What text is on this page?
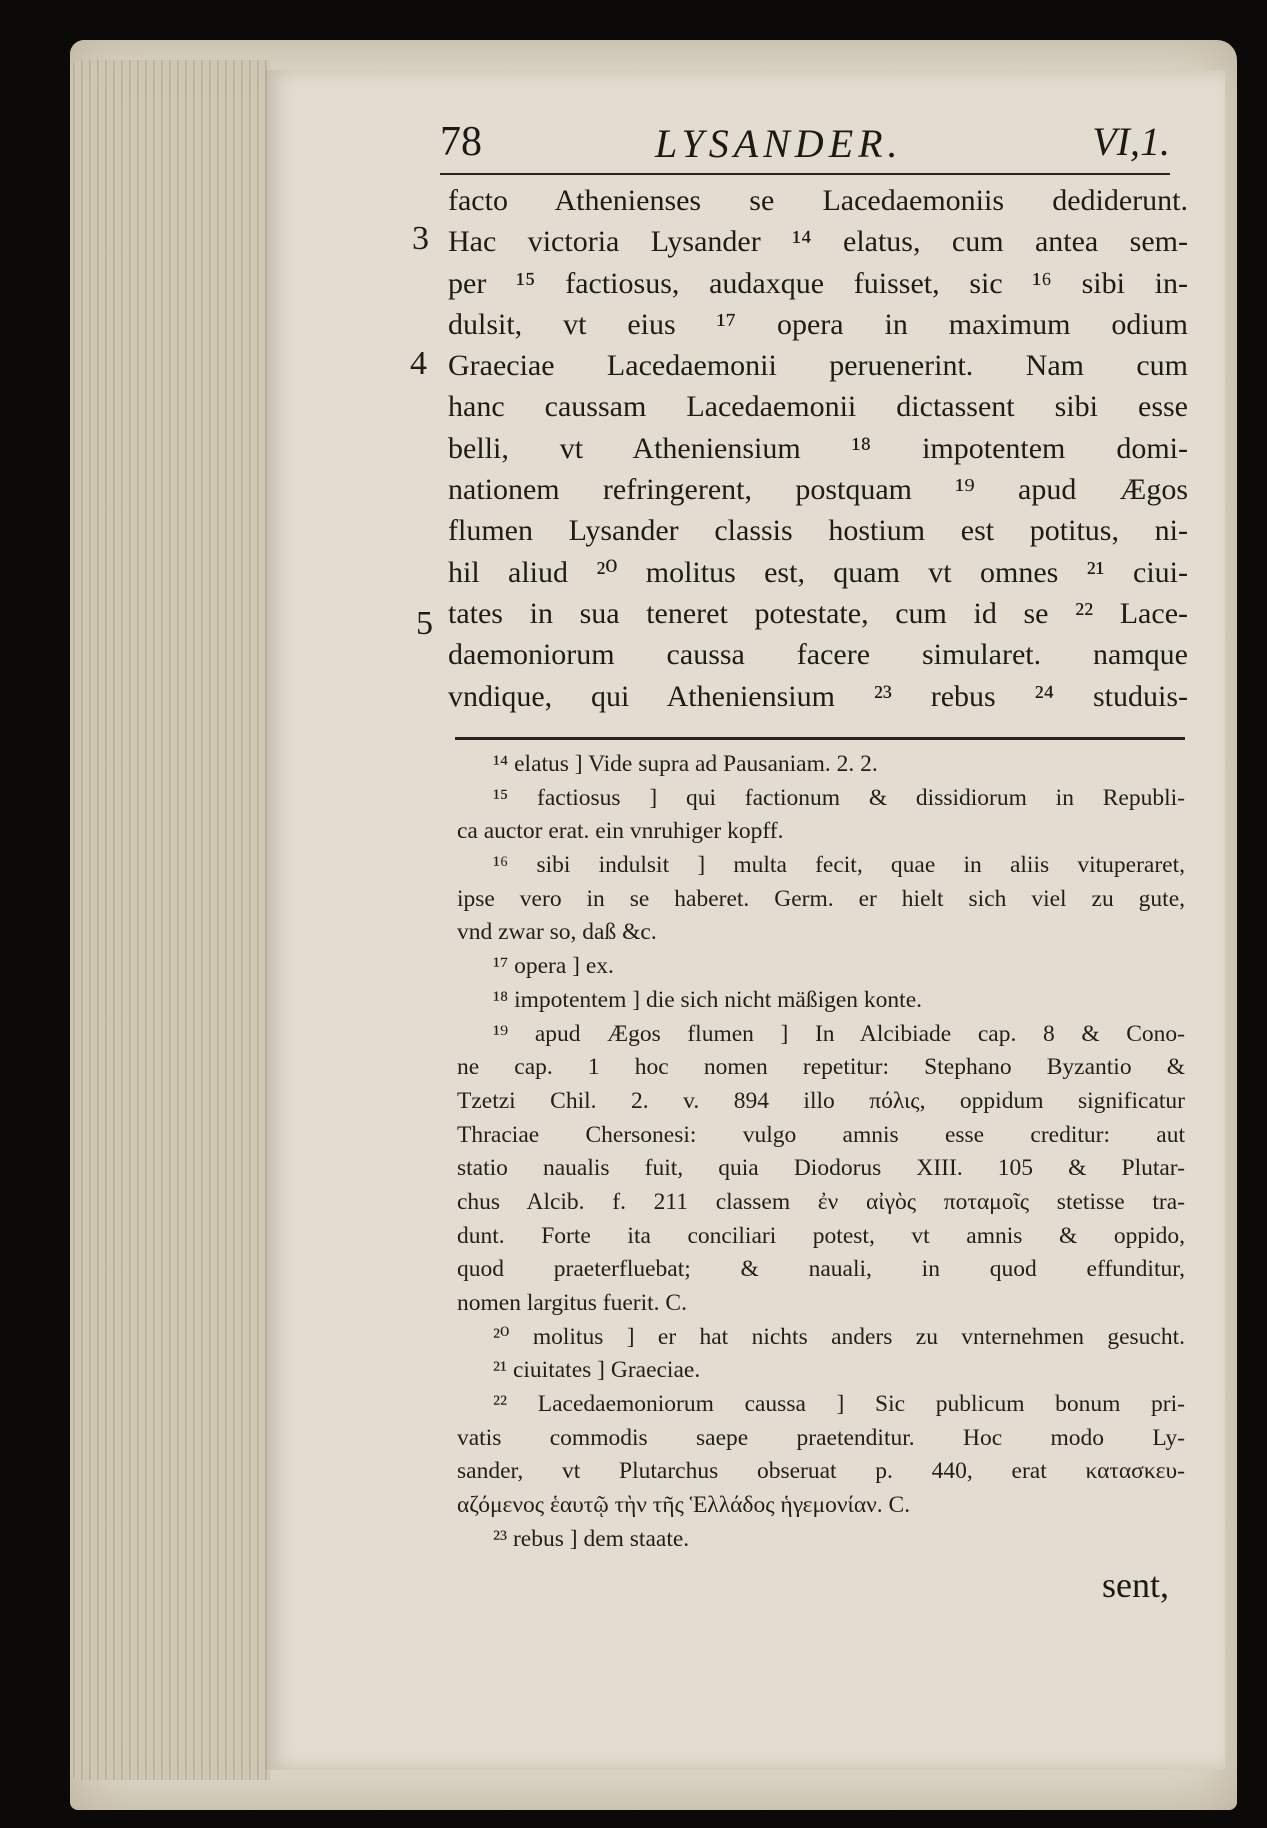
78	LYSANDER.	VI,1.
3
4
5
facto Athenienses se Lacedaemoniis dediderunt.
Hac victoria Lysander ¹⁴ elatus, cum antea sem-
per ¹⁵ factiosus, audaxque fuisset, sic ¹⁶ sibi in-
dulsit, vt eius ¹⁷ opera in maximum odium
Graeciae Lacedaemonii peruenerint. Nam cum
hanc caussam Lacedaemonii dictassent sibi esse
belli, vt Atheniensium ¹⁸ impotentem domi-
nationem refringerent, postquam ¹⁹ apud Ægos
flumen Lysander classis hostium est potitus, ni-
hil aliud ²⁰ molitus est, quam vt omnes ²¹ ciui-
tates in sua teneret potestate, cum id se ²² Lace-
daemoniorum caussa facere simularet. namque
vndique, qui Atheniensium ²³ rebus ²⁴ studuis-
¹⁴ elatus ] Vide supra ad Pausaniam. 2. 2.
¹⁵ factiosus ] qui factionum & dissidiorum in Republi-
ca auctor erat. ein vnruhiger kopff.
¹⁶ sibi indulsit ] multa fecit, quae in aliis vituperaret,
ipse vero in se haberet. Germ. er hielt sich viel zu gute,
vnd zwar so, daß &c.
¹⁷ opera ] ex.
¹⁸ impotentem ] die sich nicht mäßigen konte.
¹⁹ apud Ægos flumen ] In Alcibiade cap. 8 & Cono-
ne cap. 1 hoc nomen repetitur: Stephano Byzantio &
Tzetzi Chil. 2. v. 894 illo πόλις, oppidum significatur
Thraciae Chersonesi: vulgo amnis esse creditur: aut
statio naualis fuit, quia Diodorus XIII. 105 & Plutar-
chus Alcib. f. 211 classem ἐν αἰγὸς ποταμοῖς stetisse tra-
dunt. Forte ita conciliari potest, vt amnis & oppido,
quod praeterfluebat; & nauali, in quod effunditur,
nomen largitus fuerit. C.
²⁰ molitus ] er hat nichts anders zu vnternehmen gesucht.
²¹ ciuitates ] Graeciae.
²² Lacedaemoniorum caussa ] Sic publicum bonum pri-
vatis commodis saepe praetenditur. Hoc modo Ly-
sander, vt Plutarchus obseruat p. 440, erat κατασκευ-
αζόμενος ἑαυτῷ τὴν τῆς Ἑλλάδος ἡγεμονίαν. C.
²³ rebus ] dem staate.
sent,
